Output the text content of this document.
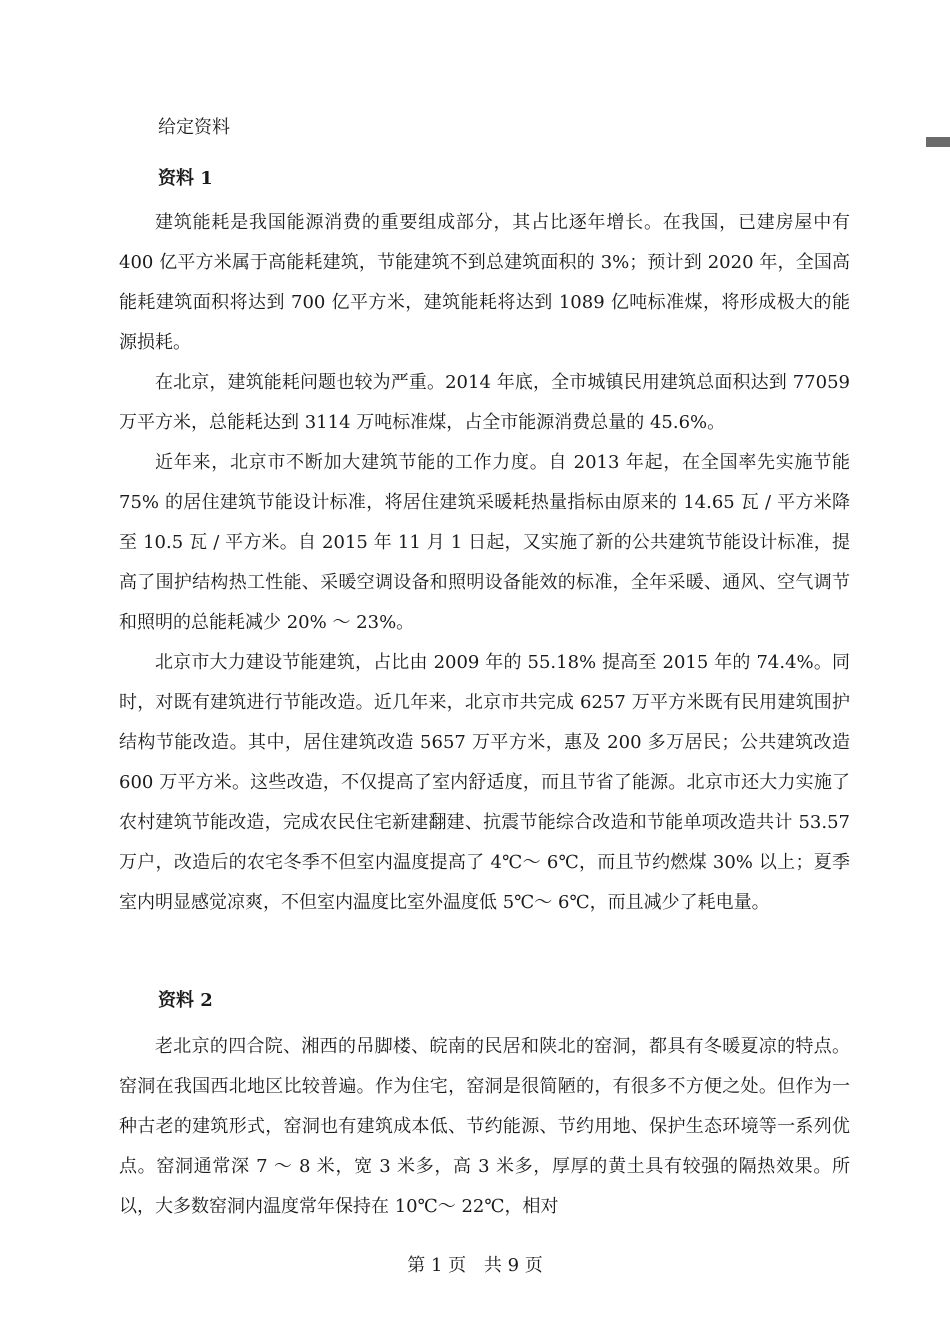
给定资料
资料 1

建筑能耗是我国能源消费的重要组成部分，其占比逐年增长。在我国，已建房屋中有 400 亿平方米属于高能耗建筑，节能建筑不到总建筑面积的 3%；预计到 2020 年，全国高能耗建筑面积将达到 700 亿平方米，建筑能耗将达到 1089 亿吨标准煤，将形成极大的能源损耗。

在北京，建筑能耗问题也较为严重。2014 年底，全市城镇民用建筑总面积达到 77059 万平方米，总能耗达到 3114 万吨标准煤，占全市能源消费总量的 45.6%。

近年来，北京市不断加大建筑节能的工作力度。自 2013 年起，在全国率先实施节能 75% 的居住建筑节能设计标准，将居住建筑采暖耗热量指标由原来的 14.65 瓦 / 平方米降至 10.5 瓦 / 平方米。自 2015 年 11 月 1 日起，又实施了新的公共建筑节能设计标准，提高了围护结构热工性能、采暖空调设备和照明设备能效的标准，全年采暖、通风、空气调节和照明的总能耗减少 20% ～ 23%。

北京市大力建设节能建筑，占比由 2009 年的 55.18% 提高至 2015 年的 74.4%。同时，对既有建筑进行节能改造。近几年来，北京市共完成 6257 万平方米既有民用建筑围护结构节能改造。其中，居住建筑改造 5657 万平方米，惠及 200 多万居民；公共建筑改造 600 万平方米。这些改造，不仅提高了室内舒适度，而且节省了能源。北京市还大力实施了农村建筑节能改造，完成农民住宅新建翻建、抗震节能综合改造和节能单项改造共计 53.57 万户，改造后的农宅冬季不但室内温度提高了 4℃～ 6℃，而且节约燃煤 30% 以上；夏季室内明显感觉凉爽，不但室内温度比室外温度低 5℃～ 6℃，而且减少了耗电量。

资料 2

老北京的四合院、湘西的吊脚楼、皖南的民居和陕北的窑洞，都具有冬暖夏凉的特点。窑洞在我国西北地区比较普遍。作为住宅，窑洞是很简陋的，有很多不方便之处。但作为一种古老的建筑形式，窑洞也有建筑成本低、节约能源、节约用地、保护生态环境等一系列优点。窑洞通常深 7 ～ 8 米，宽 3 米多，高 3 米多，厚厚的黄土具有较强的隔热效果。所以，大多数窑洞内温度常年保持在 10℃～ 22℃，相对

第 1 页 共 9 页
